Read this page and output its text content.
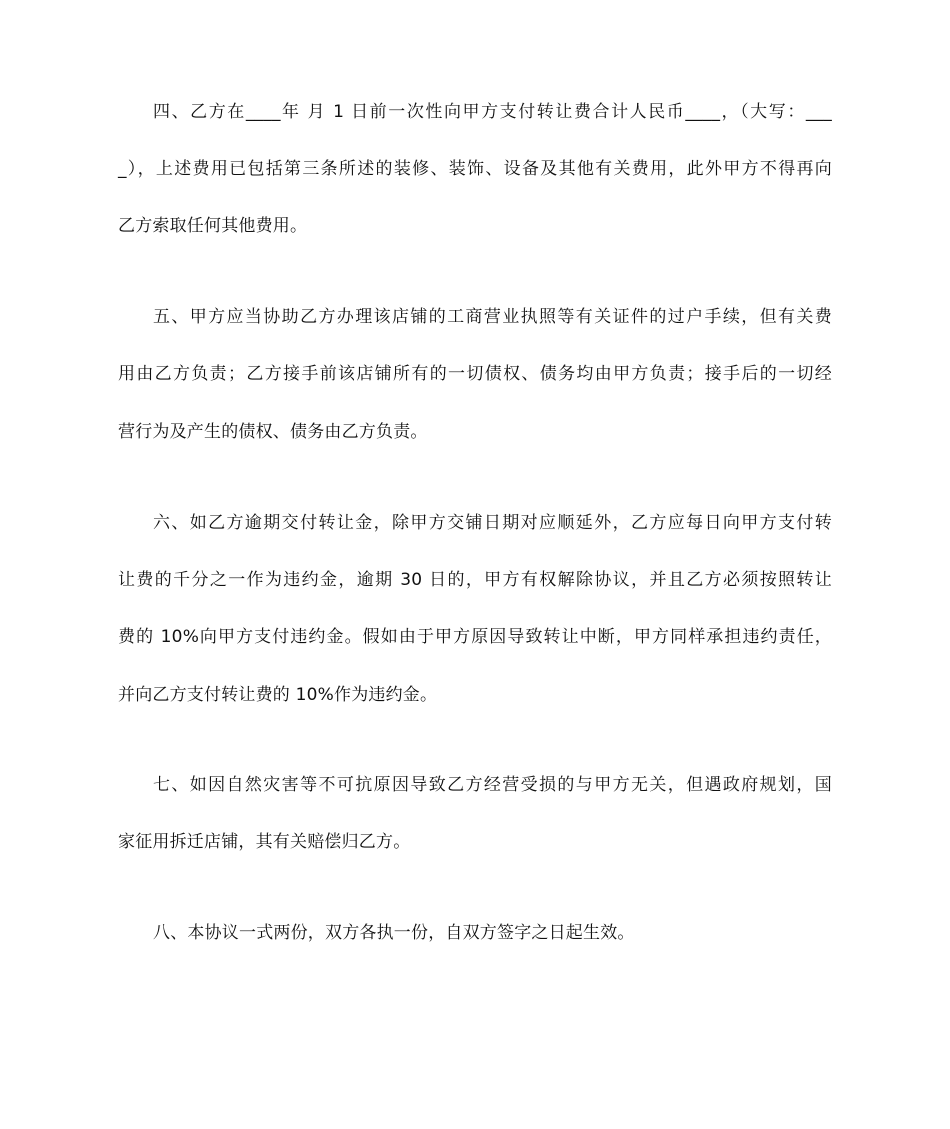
四、乙方在____年 月 1 日前一次性向甲方支付转让费合计人民币____，（大写：___
_），上述费用已包括第三条所述的装修、装饰、设备及其他有关费用，此外甲方不得再向
乙方索取任何其他费用。
五、甲方应当协助乙方办理该店铺的工商营业执照等有关证件的过户手续，但有关费
用由乙方负责；乙方接手前该店铺所有的一切债权、债务均由甲方负责；接手后的一切经
营行为及产生的债权、债务由乙方负责。
六、如乙方逾期交付转让金，除甲方交铺日期对应顺延外，乙方应每日向甲方支付转
让费的千分之一作为违约金，逾期 30 日的，甲方有权解除协议，并且乙方必须按照转让
费的 10%向甲方支付违约金。假如由于甲方原因导致转让中断，甲方同样承担违约责任，
并向乙方支付转让费的 10%作为违约金。
七、如因自然灾害等不可抗原因导致乙方经营受损的与甲方无关，但遇政府规划，国
家征用拆迁店铺，其有关赔偿归乙方。
八、本协议一式两份，双方各执一份，自双方签字之日起生效。
